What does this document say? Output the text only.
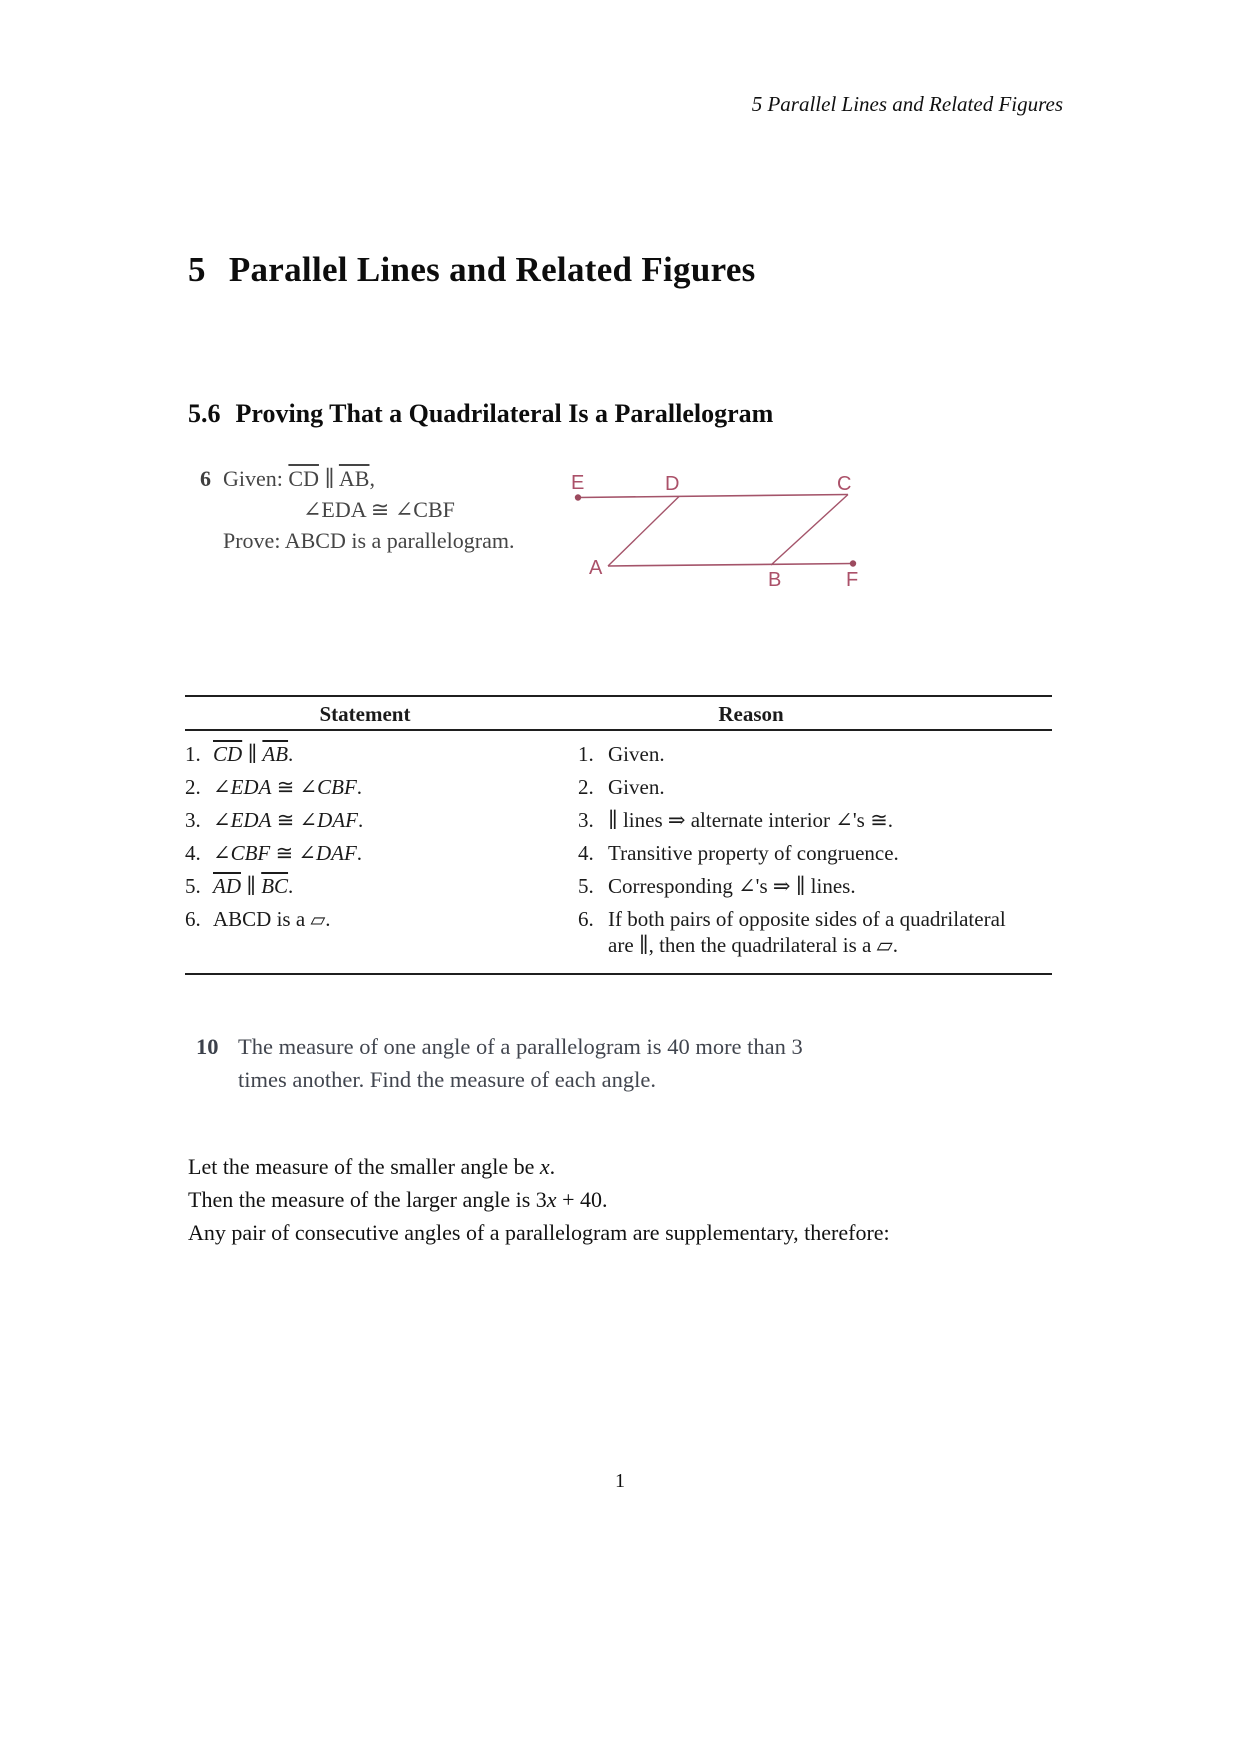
5 Parallel Lines and Related Figures
5 Parallel Lines and Related Figures
5.6 Proving That a Quadrilateral Is a Parallelogram
6 Given: $\overline{CD}$ ∥ $\overline{AB}$,
∠EDA ≅ ∠CBF
Prove: ABCD is a parallelogram.
E	D	C
A
B	F
Statement	Reason
1. $\overline{CD}$ ∥ $\overline{AB}$.	1. Given.
2. ∠EDA ≅ ∠CBF.	2. Given.
3. ∠EDA ≅ ∠DAF.	3. ∥ lines ⇒ alternate interior ∠'s ≅.
4. ∠CBF ≅ ∠DAF.	4. Transitive property of congruence.
5. $\overline{AD}$ ∥ $\overline{BC}$.	5. Corresponding ∠'s ⇒ ∥ lines.
6. ABCD is a ▱.	6. If both pairs of opposite sides of a quadrilateral are ∥, then the quadrilateral is a ▱.
10 The measure of one angle of a parallelogram is 40 more than 3
times another. Find the measure of each angle.
Let the measure of the smaller angle be x.
Then the measure of the larger angle is 3x + 40.
Any pair of consecutive angles of a parallelogram are supplementary, therefore:
1
